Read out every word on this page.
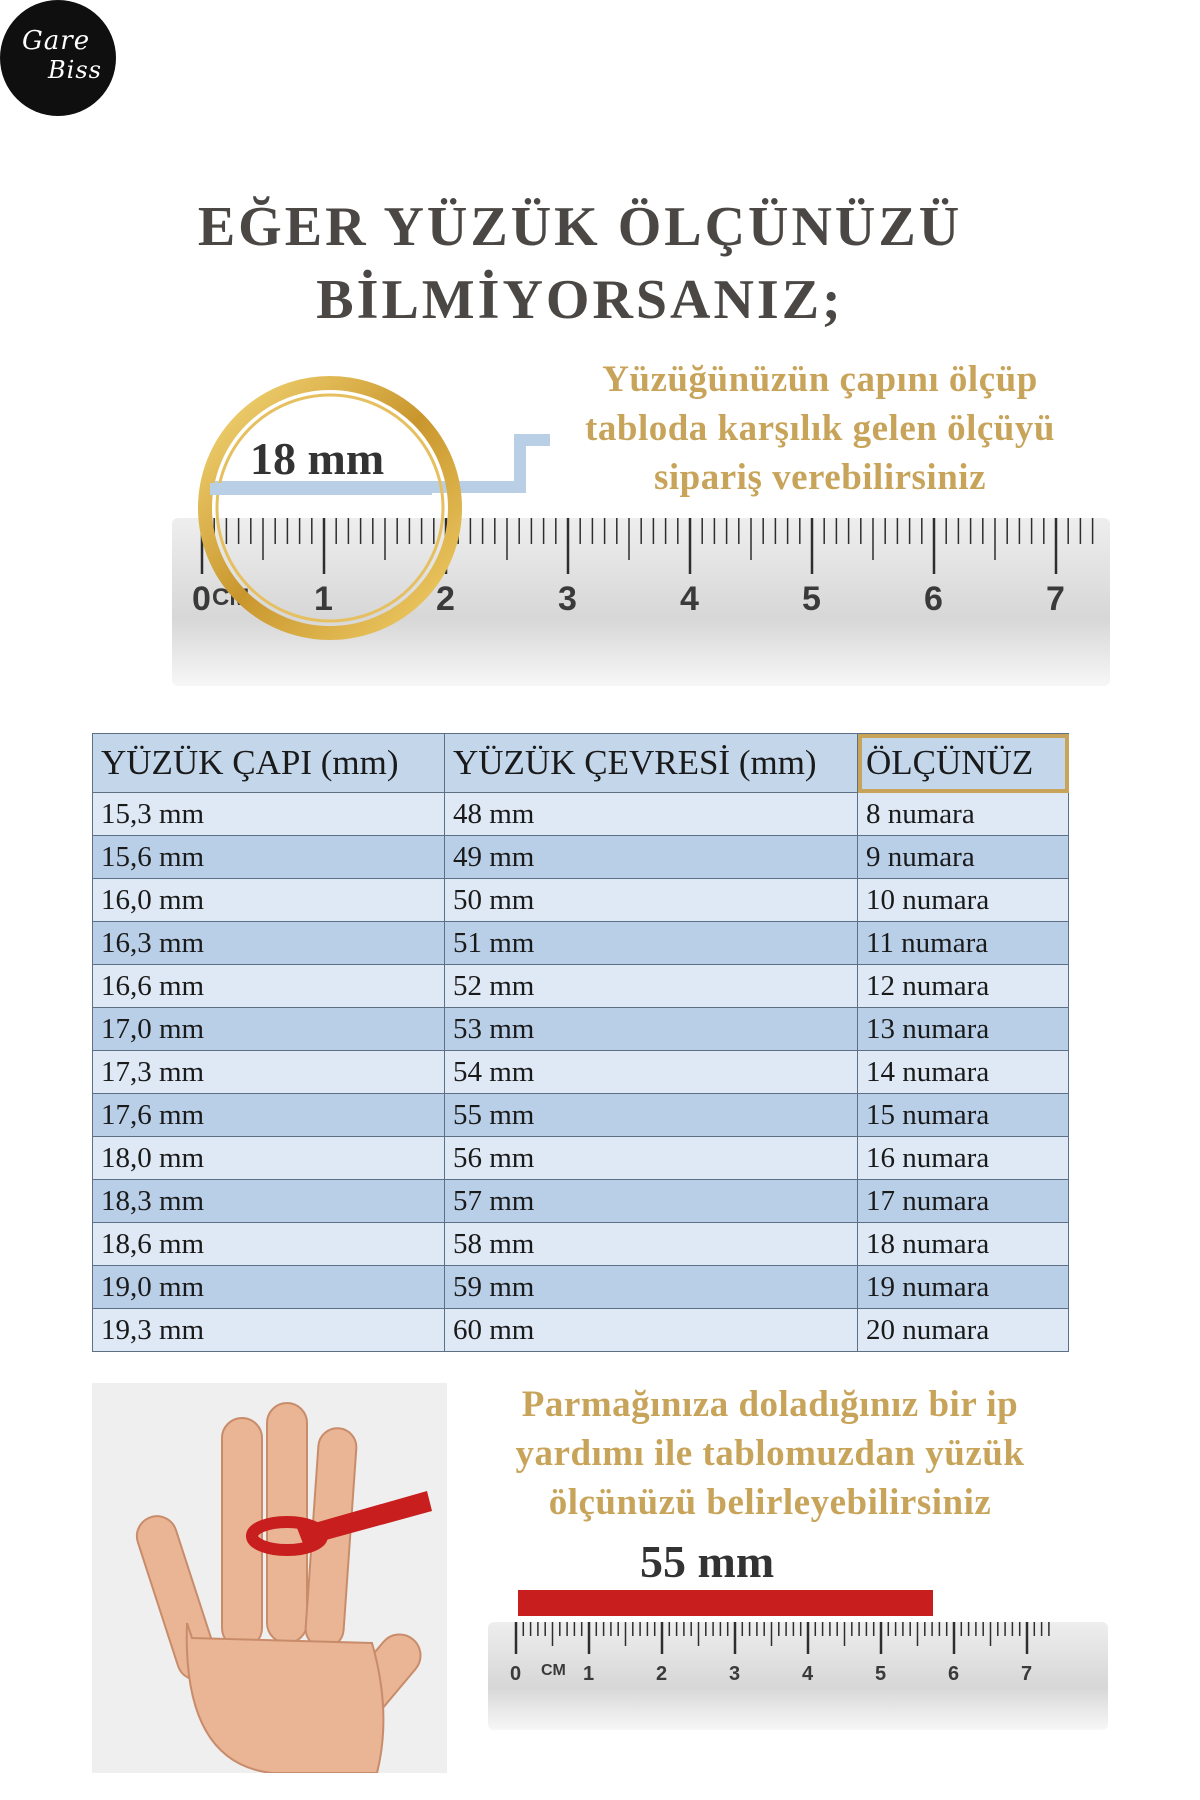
Gare
Biss
EĞER YÜZÜK ÖLÇÜNÜZÜ
BİLMİYORSANIZ;
Yüzüğünüzün çapını ölçüp
tabloda karşılık gelen ölçüyü
sipariş verebilirsiniz
0	1	2	3	4	5	6	7
CM
18 mm
YÜZÜK ÇAPI (mm)	YÜZÜK ÇEVRESİ (mm)	ÖLÇÜNÜZ
15,3 mm	48 mm	8 numara
15,6 mm	49 mm	9 numara
16,0 mm	50 mm	10 numara
16,3 mm	51 mm	11 numara
16,6 mm	52 mm	12 numara
17,0 mm	53 mm	13 numara
17,3 mm	54 mm	14 numara
17,6 mm	55 mm	15 numara
18,0 mm	56 mm	16 numara
18,3 mm	57 mm	17 numara
18,6 mm	58 mm	18 numara
19,0 mm	59 mm	19 numara
19,3 mm	60 mm	20 numara
Parmağınıza doladığınız bir ip
yardımı ile tablomuzdan yüzük
ölçünüzü belirleyebilirsiniz
55 mm
0	1	2	3	4	5	6	7
CM
